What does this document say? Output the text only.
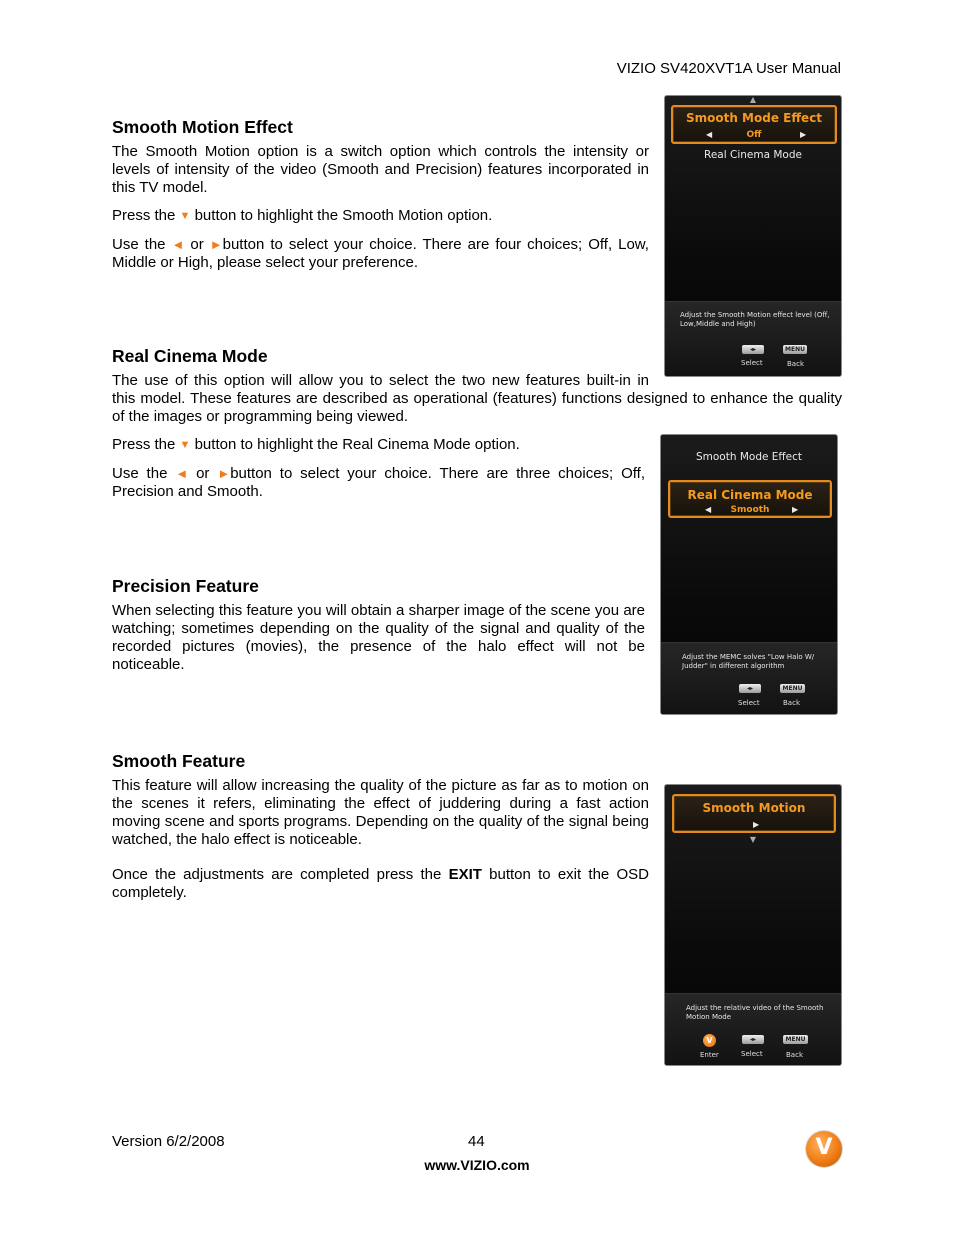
VIZIO SV420XVT1A User Manual
Smooth Motion Effect

The Smooth Motion option is a switch option which controls the intensity or levels of intensity of the video (Smooth and Precision) features incorporated in this TV model.

Press the ▼ button to highlight the Smooth Motion option.

Use the ◄ or ►button to select your choice. There are four choices; Off, Low, Middle or High, please select your preference.

Real Cinema Mode

The use of this option will allow you to select the two new features built-in in
this model. These features are described as operational (features) functions designed to enhance the quality of the images or programming being viewed.

Press the ▼ button to highlight the Real Cinema Mode option.

Use the ◄ or ►button to select your choice. There are three choices; Off, Precision and Smooth.

Precision Feature

When selecting this feature you will obtain a sharper image of the scene you are watching; sometimes depending on the quality of the signal and quality of the recorded pictures (movies), the presence of the halo effect will not be noticeable.

Smooth Feature

This feature will allow increasing the quality of the picture as far as to motion on the scenes it refers, eliminating the effect of juddering during a fast action moving scene and sports programs. Depending on the quality of the signal being watched, the halo effect is noticeable.

Once the adjustments are completed press the EXIT button to exit the OSD completely.

▲
Smooth Mode Effect
◀	Off	▶
Real Cinema Mode
Adjust the Smooth Motion effect level (Off, Low,Middle and High)
◂▸
Select
MENU
Back
Smooth Mode Effect
Real Cinema Mode
◀	Smooth	▶
Adjust the MEMC solves "Low Halo W/ Judder" in different algorithm
◂▸
Select
MENU
Back
Smooth Motion
▶
▼
Adjust the relative video of the Smooth Motion Mode
V
Enter
◂▸
Select
MENU
Back
Version 6/2/2008	44
www.VIZIO.com
V
